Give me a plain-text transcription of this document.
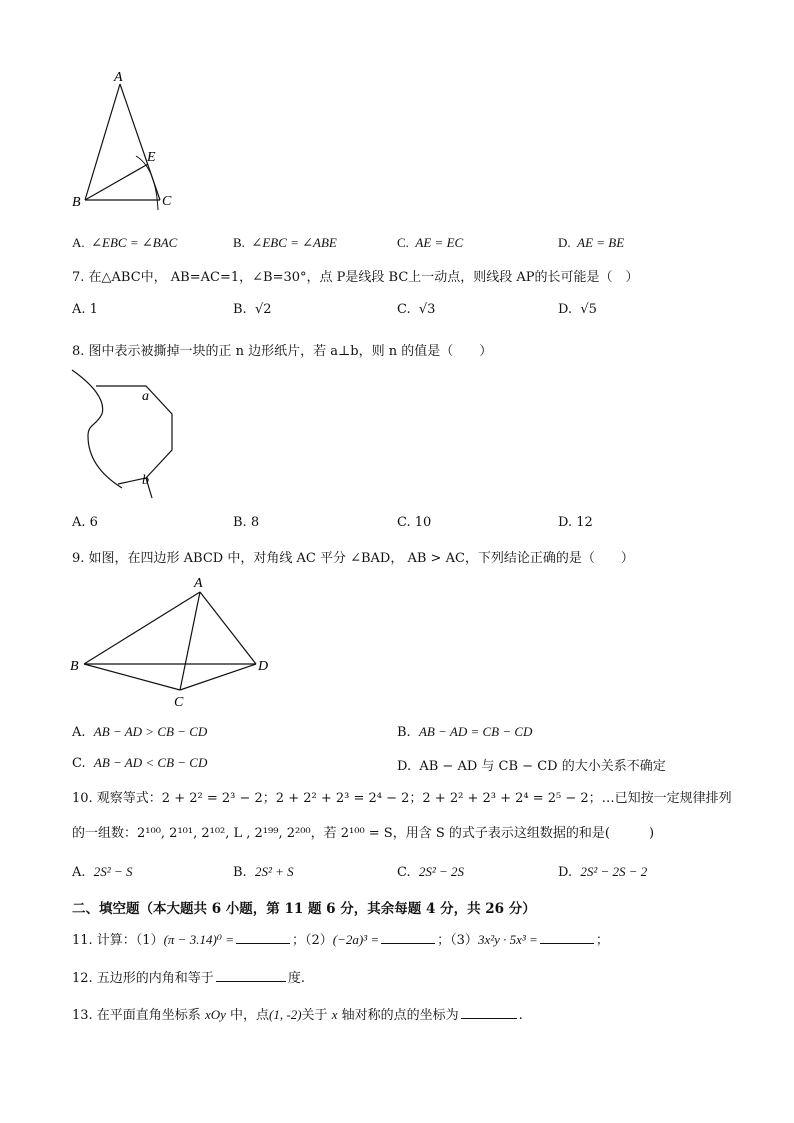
A
B	C
E
A. ∠EBC = ∠BAC	B. ∠EBC = ∠ABE	C. AE = EC	D. AE = BE
7. 在△ABC中， AB=AC=1，∠B=30°，点 P是线段 BC上一动点，则线段 AP的长可能是（　）
A. 1	B. √2	C. √3	D. √5
8. 图中表示被撕掉一块的正 n 边形纸片，若 a⊥b，则 n 的值是（　　）
a
b
A. 6	B. 8	C. 10	D. 12
9. 如图，在四边形 ABCD 中，对角线 AC 平分 ∠BAD， AB > AC，下列结论正确的是（　　）
A
B
C
D
A. AB − AD > CB − CD	B. AB − AD = CB − CD
C. AB − AD < CB − CD	D. AB − AD 与 CB − CD 的大小关系不确定
10. 观察等式：2 + 2² = 2³ − 2；2 + 2² + 2³ = 2⁴ − 2；2 + 2² + 2³ + 2⁴ = 2⁵ − 2；…已知按一定规律排列
的一组数：2¹⁰⁰, 2¹⁰¹, 2¹⁰², L , 2¹⁹⁹, 2²⁰⁰，若 2¹⁰⁰ = S，用含 S 的式子表示这组数据的和是(　　　)
A. 2S² − S	B. 2S² + S	C. 2S² − 2S	D. 2S² − 2S − 2
二、填空题（本大题共 6 小题，第 11 题 6 分，其余每题 4 分，共 26 分）
11. 计算：（1）(π − 3.14)⁰ =	；（2）(−2a)³ =	；（3）3x²y · 5x³ =	；
12. 五边形的内角和等于	度.
13. 在平面直角坐标系 xOy 中，点(1, -2)关于 x 轴对称的点的坐标为	.
